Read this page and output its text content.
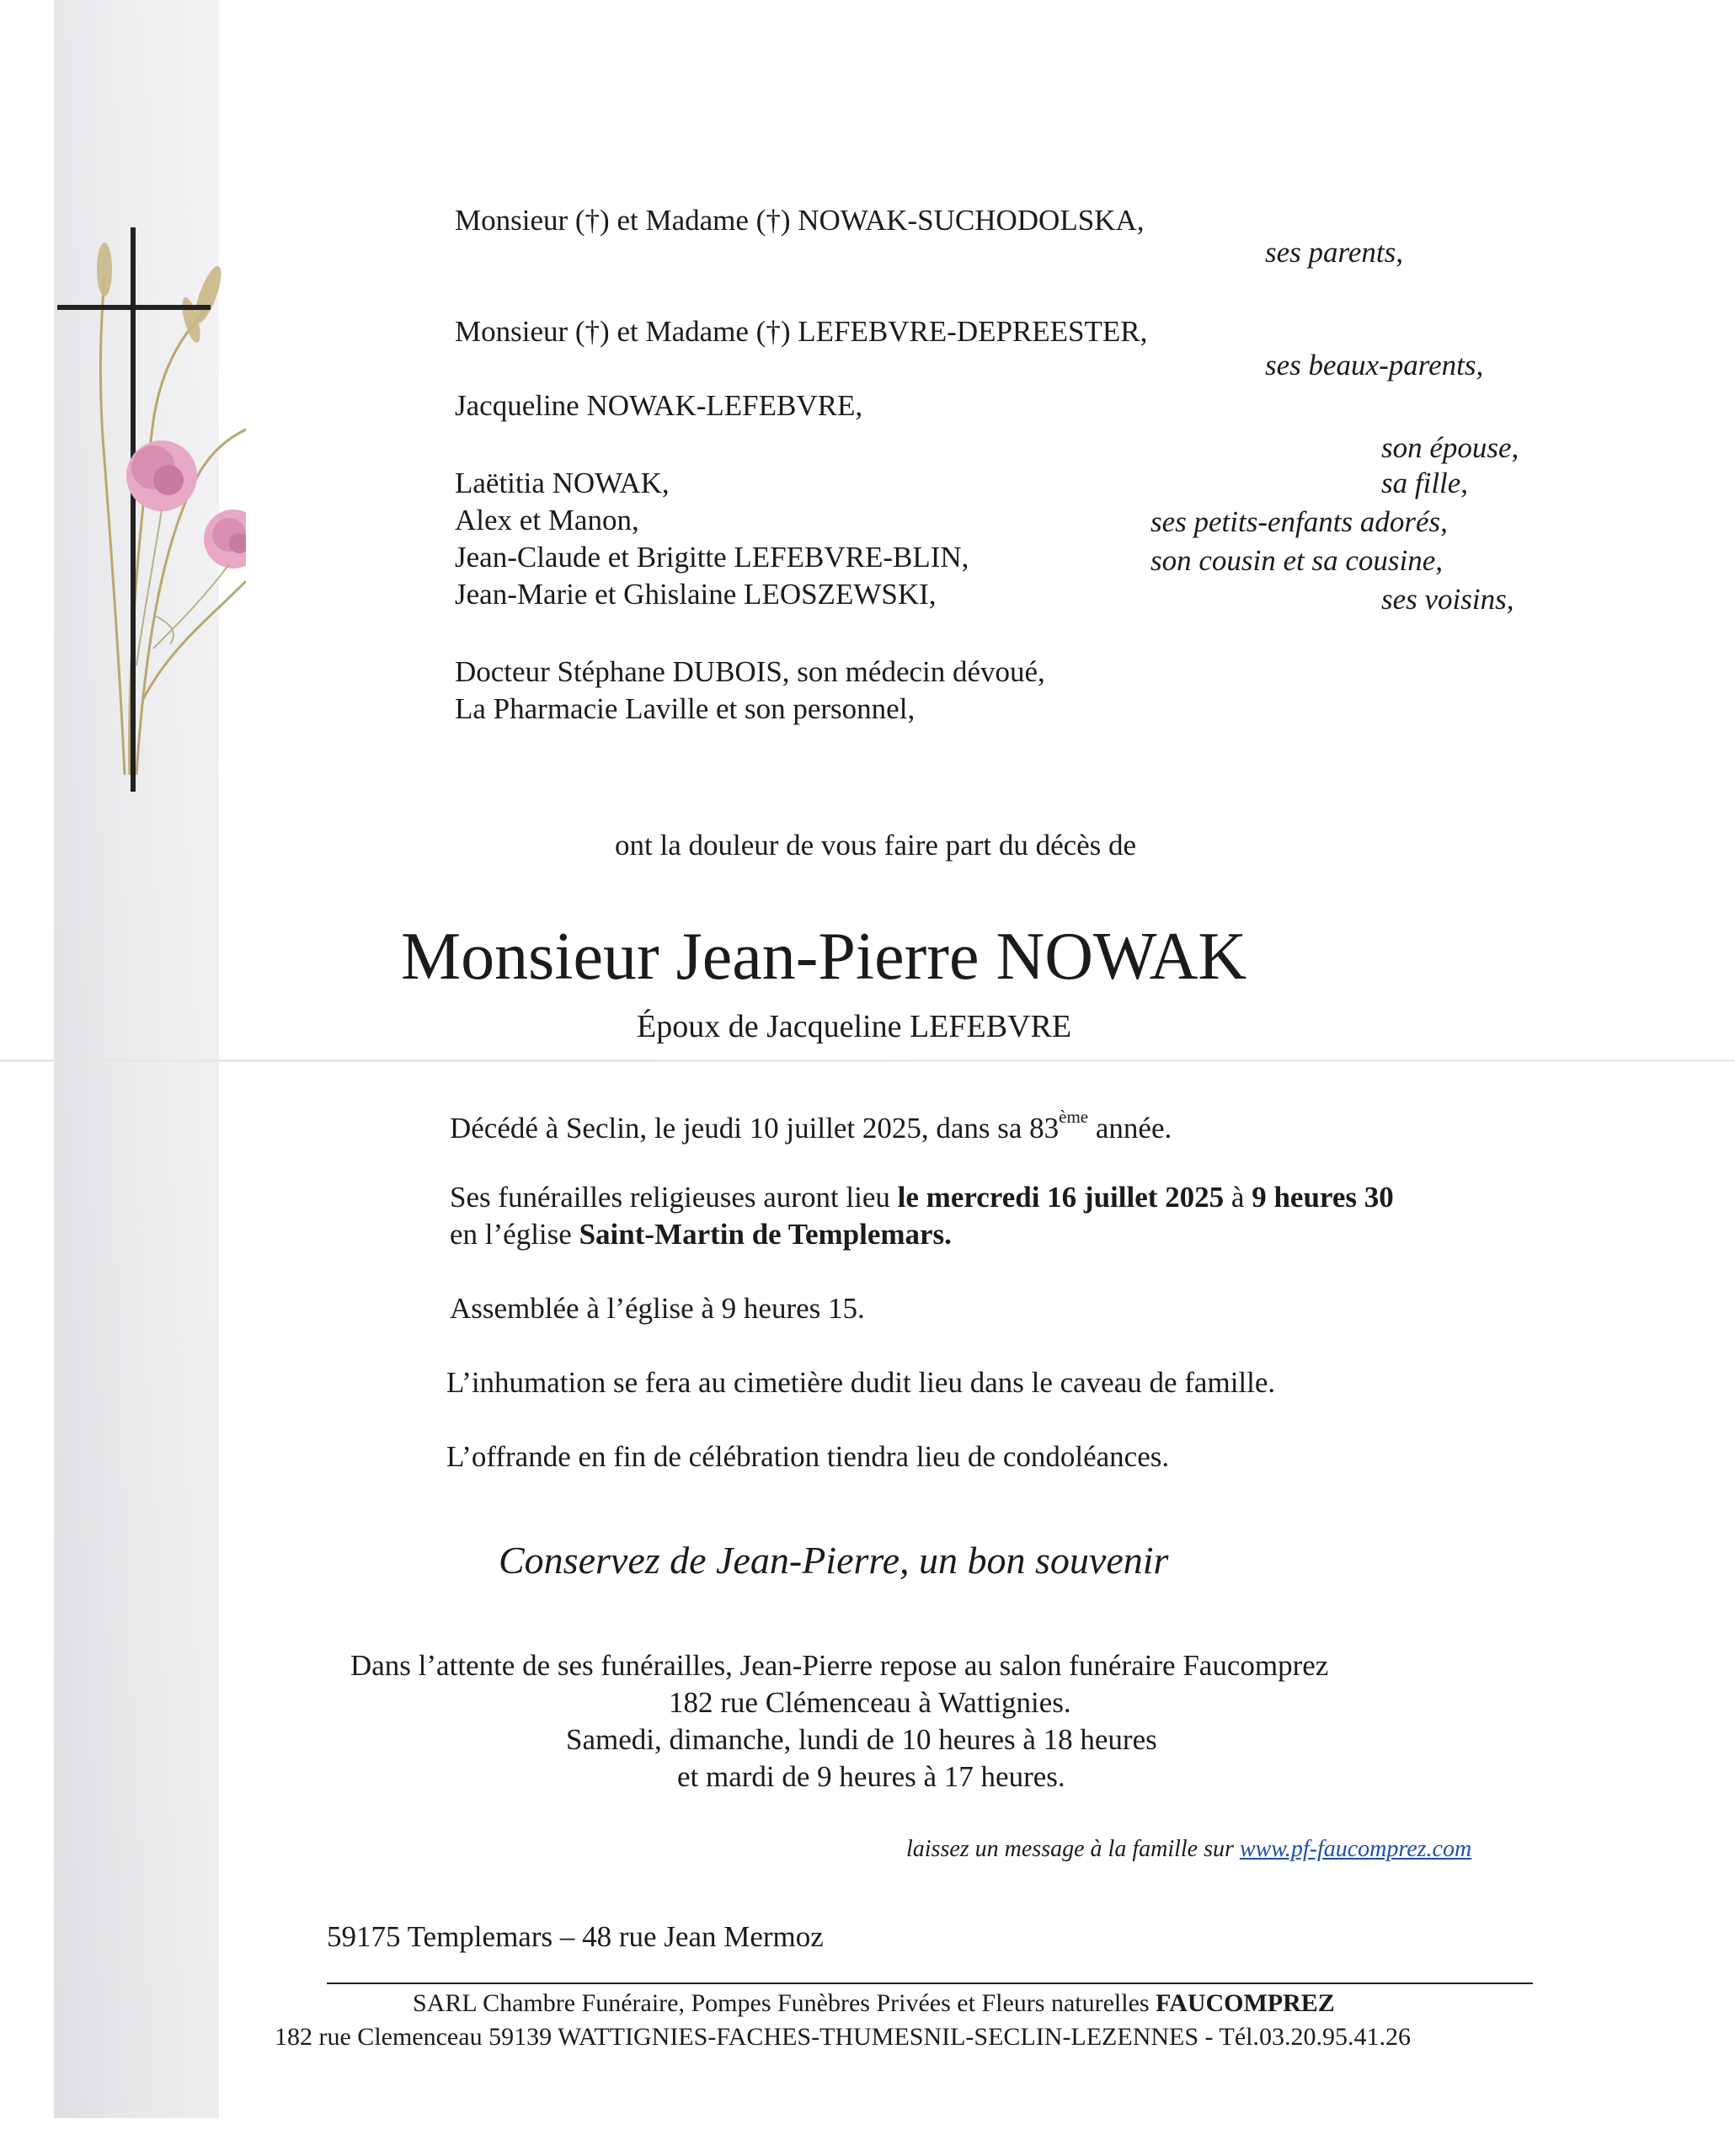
Monsieur (†) et Madame (†) NOWAK-SUCHODOLSKA,
ses parents,
Monsieur (†) et Madame (†) LEFEBVRE-DEPREESTER,
ses beaux-parents,
Jacqueline NOWAK-LEFEBVRE,
son épouse,
Laëtitia NOWAK,	sa fille,
Alex et Manon,	ses petits-enfants adorés,
Jean-Claude et Brigitte LEFEBVRE-BLIN,	son cousin et sa cousine,
Jean-Marie et Ghislaine LEOSZEWSKI,	ses voisins,
Docteur Stéphane DUBOIS, son médecin dévoué,
La Pharmacie Laville et son personnel,
ont la douleur de vous faire part du décès de
Monsieur Jean-Pierre NOWAK
Époux de Jacqueline LEFEBVRE
Décédé à Seclin, le jeudi 10 juillet 2025, dans sa 83ème année.
Ses funérailles religieuses auront lieu le mercredi 16 juillet 2025 à 9 heures 30
en l’église Saint-Martin de Templemars.
Assemblée à l’église à 9 heures 15.
L’inhumation se fera au cimetière dudit lieu dans le caveau de famille.
L’offrande en fin de célébration tiendra lieu de condoléances.
Conservez de Jean-Pierre, un bon souvenir
Dans l’attente de ses funérailles, Jean-Pierre repose au salon funéraire Faucomprez
182 rue Clémenceau à Wattignies.
Samedi, dimanche, lundi de 10 heures à 18 heures
et mardi de 9 heures à 17 heures.
laissez un message à la famille sur www.pf-faucomprez.com
59175 Templemars – 48 rue Jean Mermoz
SARL Chambre Funéraire, Pompes Funèbres Privées et Fleurs naturelles FAUCOMPREZ
182 rue Clemenceau 59139 WATTIGNIES-FACHES-THUMESNIL-SECLIN-LEZENNES - Tél.03.20.95.41.26
